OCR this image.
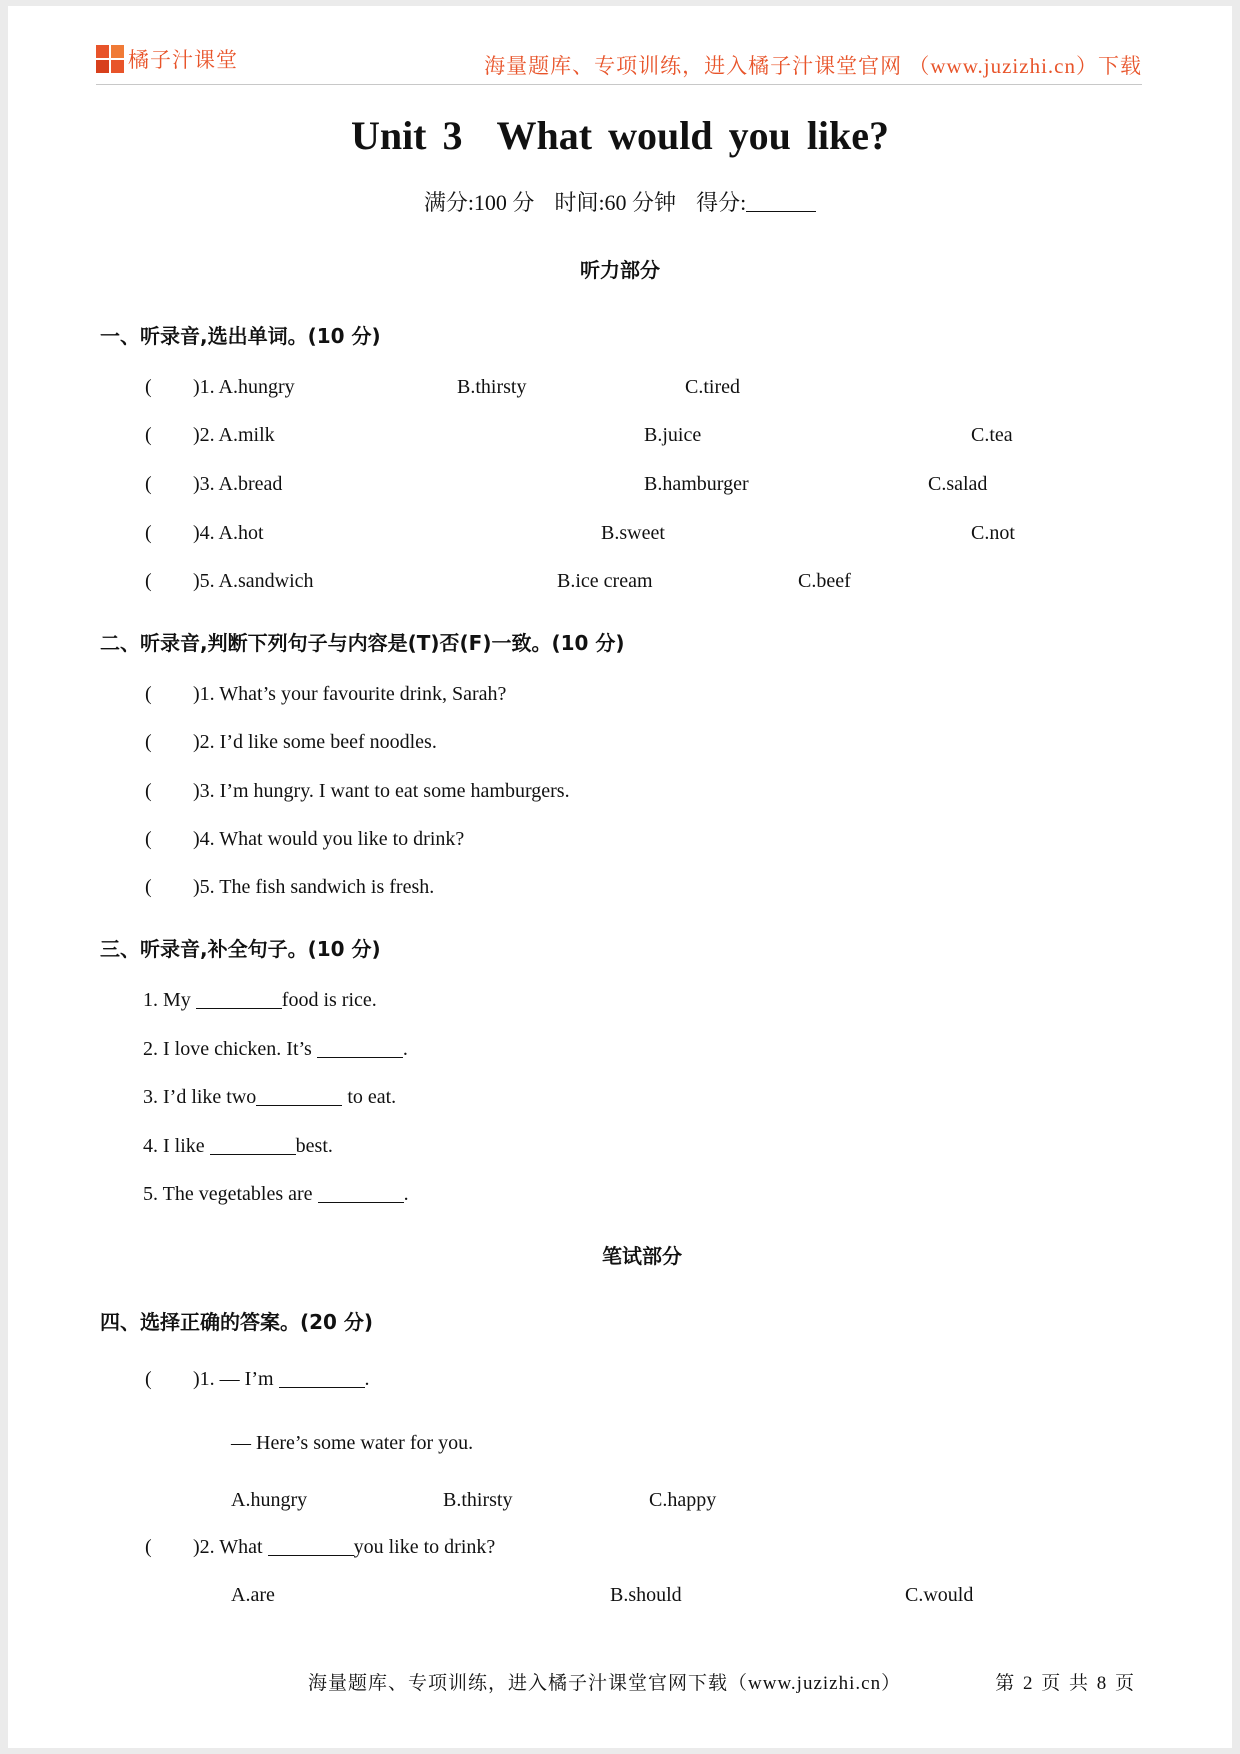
橘子汁课堂	海量题库、专项训练，进入橘子汁课堂官网 （www.juzizhi.cn）下载
Unit 3 What would you like?
满分:100 分 时间:60 分钟 得分:
听力部分
一、听录音,选出单词。(10 分)
( )1. A.hungry	B.thirsty	C.tired
( )2. A.milk	B.juice	C.tea
( )3. A.bread	B.hamburger	C.salad
( )4. A.hot	B.sweet	C.not
( )5. A.sandwich	B.ice cream	C.beef
二、听录音,判断下列句子与内容是(T)否(F)一致。(10 分)
( )1. What’s your favourite drink, Sarah?
( )2. I’d like some beef noodles.
( )3. I’m hungry. I want to eat some hamburgers.
( )4. What would you like to drink?
( )5. The fish sandwich is fresh.
三、听录音,补全句子。(10 分)
1. My	food is rice.
2. I love chicken. It’s	.
3. I’d like two	to eat.
4. I like	best.
5. The vegetables are	.
笔试部分
四、选择正确的答案。(20 分)
( )1. — I’m	.
— Here’s some water for you.
A.hungry	B.thirsty	C.happy
( )2. What	you like to drink?
A.are	B.should	C.would
海量题库、专项训练，进入橘子汁课堂官网下载（www.juzizhi.cn）	第 2 页 共 8 页
